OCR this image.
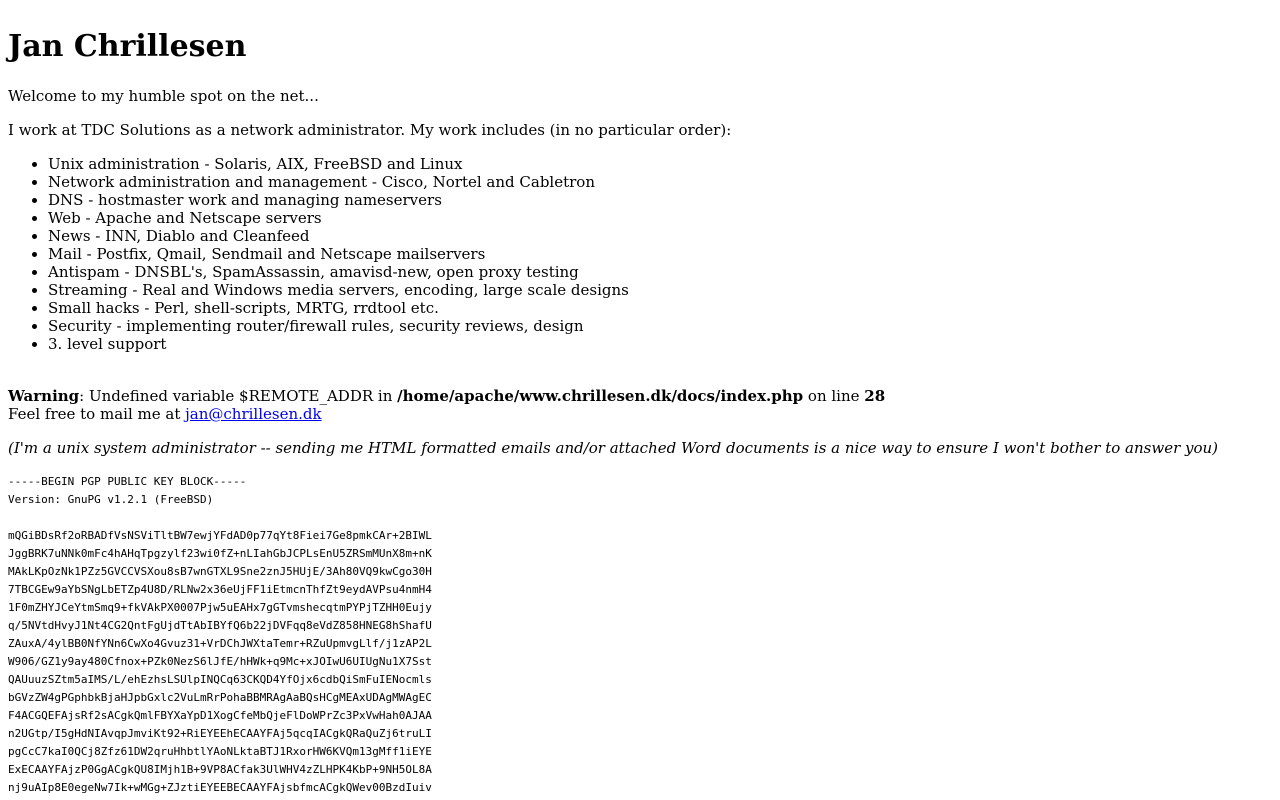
Jan Chrillesen

Welcome to my humble spot on the net...

I work at TDC Solutions as a network administrator. My work includes (in no particular order):

• Unix administration - Solaris, AIX, FreeBSD and Linux
• Network administration and management - Cisco, Nortel and Cabletron
• DNS - hostmaster work and managing nameservers
• Web - Apache and Netscape servers
• News - INN, Diablo and Cleanfeed
• Mail - Postfix, Qmail, Sendmail and Netscape mailservers
• Antispam - DNSBL's, SpamAssassin, amavisd-new, open proxy testing
• Streaming - Real and Windows media servers, encoding, large scale designs
• Small hacks - Perl, shell-scripts, MRTG, rrdtool etc.
• Security - implementing router/firewall rules, security reviews, design
• 3. level support
Warning: Undefined variable $REMOTE_ADDR in /home/apache/www.chrillesen.dk/docs/index.php on line 28
Feel free to mail me at jan@chrillesen.dk

(I'm a unix system administrator -- sending me HTML formatted emails and/or attached Word documents is a nice way to ensure I won't bother to answer you)

-----BEGIN PGP PUBLIC KEY BLOCK-----
Version: GnuPG v1.2.1 (FreeBSD)

mQGiBDsRf2oRBADfVsNSViTltBW7ewjYFdAD0p77qYt8Fiei7Ge8pmkCAr+2BIWL
JggBRK7uNNk0mFc4hAHqTpgzylf23wi0fZ+nLIahGbJCPLsEnU5ZRSmMUnX8m+nK
MAkLKpOzNk1PZz5GVCCVSXou8sB7wnGTXL9Sne2znJ5HUjE/3Ah80VQ9kwCgo30H
7TBCGEw9aYbSNgLbETZp4U8D/RLNw2x36eUjFF1iEtmcnThfZt9eydAVPsu4nmH4
1F0mZHYJCeYtmSmq9+fkVAkPX0007Pjw5uEAHx7gGTvmshecqtmPYPjTZHH0Eujy
q/5NVtdHvyJ1Nt4CG2QntFgUjdTtAbIBYfQ6b22jDVFqq8eVdZ858HNEG8hShafU
ZAuxA/4ylBB0NfYNn6CwXo4Gvuz31+VrDChJWXtaTemr+RZuUpmvgLlf/j1zAP2L
W906/GZ1y9ay480Cfnox+PZk0NezS6lJfE/hHWk+q9Mc+xJOIwU6UIUgNu1X7Sst
QAUuuzSZtm5aIMS/L/ehEzhsLSUlpINQCq63CKQD4YfOjx6cdbQiSmFuIENocmls
bGVzZW4gPGphbkBjaHJpbGxlc2VuLmRrPohaBBMRAgAaBQsHCgMEAxUDAgMWAgEC
F4ACGQEFAjsRf2sACgkQmlFBYXaYpD1XogCfeMbQjeFlDoWPrZc3PxVwHah0AJAA
n2UGtp/I5gHdNIAvqpJmviKt92+RiEYEEhECAAYFAj5qcqIACgkQRaQuZj6truLI
pgCcC7kaI0QCj8Zfz61DW2qruHhbtlYAoNLktaBTJ1RxorHW6KVQm13gMff1iEYE
ExECAAYFAjzP0GgACgkQU8IMjh1B+9VP8ACfak3UlWHV4zZLHPK4KbP+9NH5OL8A
nj9uAIp8E0egeNw7Ik+wMGg+ZJztiEYEEBECAAYFAjsbfmcACgkQWev00BzdIuiv
